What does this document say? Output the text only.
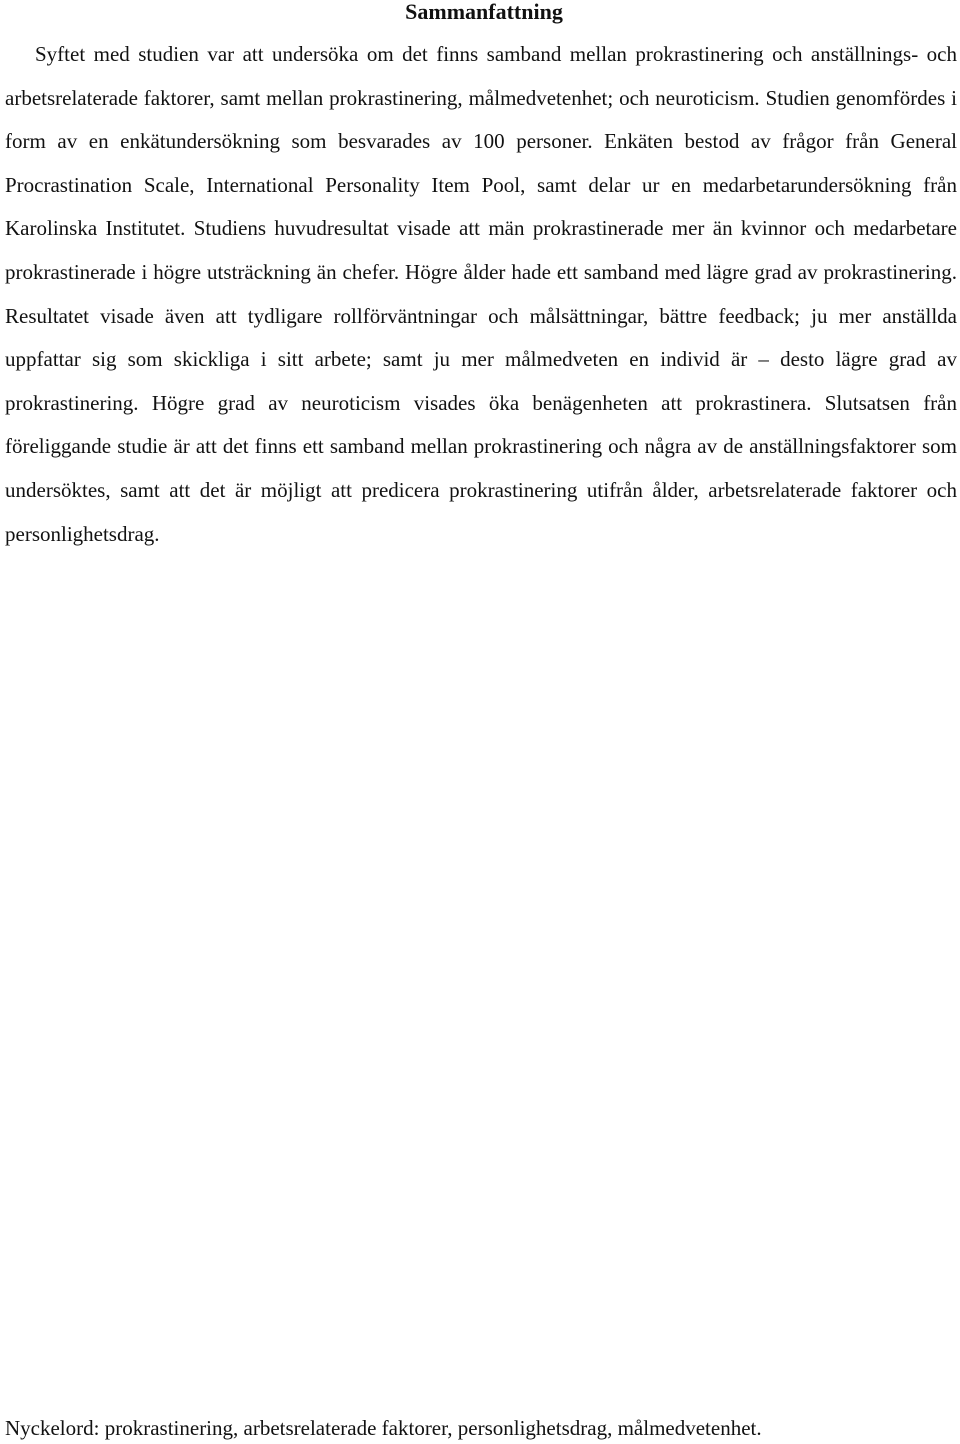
Sammanfattning

Syftet med studien var att undersöka om det finns samband mellan prokrastinering och anställnings- och arbetsrelaterade faktorer, samt mellan prokrastinering, målmedvetenhet; och neuroticism. Studien genomfördes i form av en enkätundersökning som besvarades av 100 personer. Enkäten bestod av frågor från General Procrastination Scale, International Personality Item Pool, samt delar ur en medarbetarundersökning från Karolinska Institutet. Studiens huvudresultat visade att män prokrastinerade mer än kvinnor och medarbetare prokrastinerade i högre utsträckning än chefer. Högre ålder hade ett samband med lägre grad av prokrastinering. Resultatet visade även att tydligare rollförväntningar och målsättningar, bättre feedback; ju mer anställda uppfattar sig som skickliga i sitt arbete; samt ju mer målmedveten en individ är – desto lägre grad av prokrastinering. Högre grad av neuroticism visades öka benägenheten att prokrastinera. Slutsatsen från föreliggande studie är att det finns ett samband mellan prokrastinering och några av de anställningsfaktorer som undersöktes, samt att det är möjligt att predicera prokrastinering utifrån ålder, arbetsrelaterade faktorer och personlighetsdrag.

Nyckelord: prokrastinering, arbetsrelaterade faktorer, personlighetsdrag, målmedvetenhet.
